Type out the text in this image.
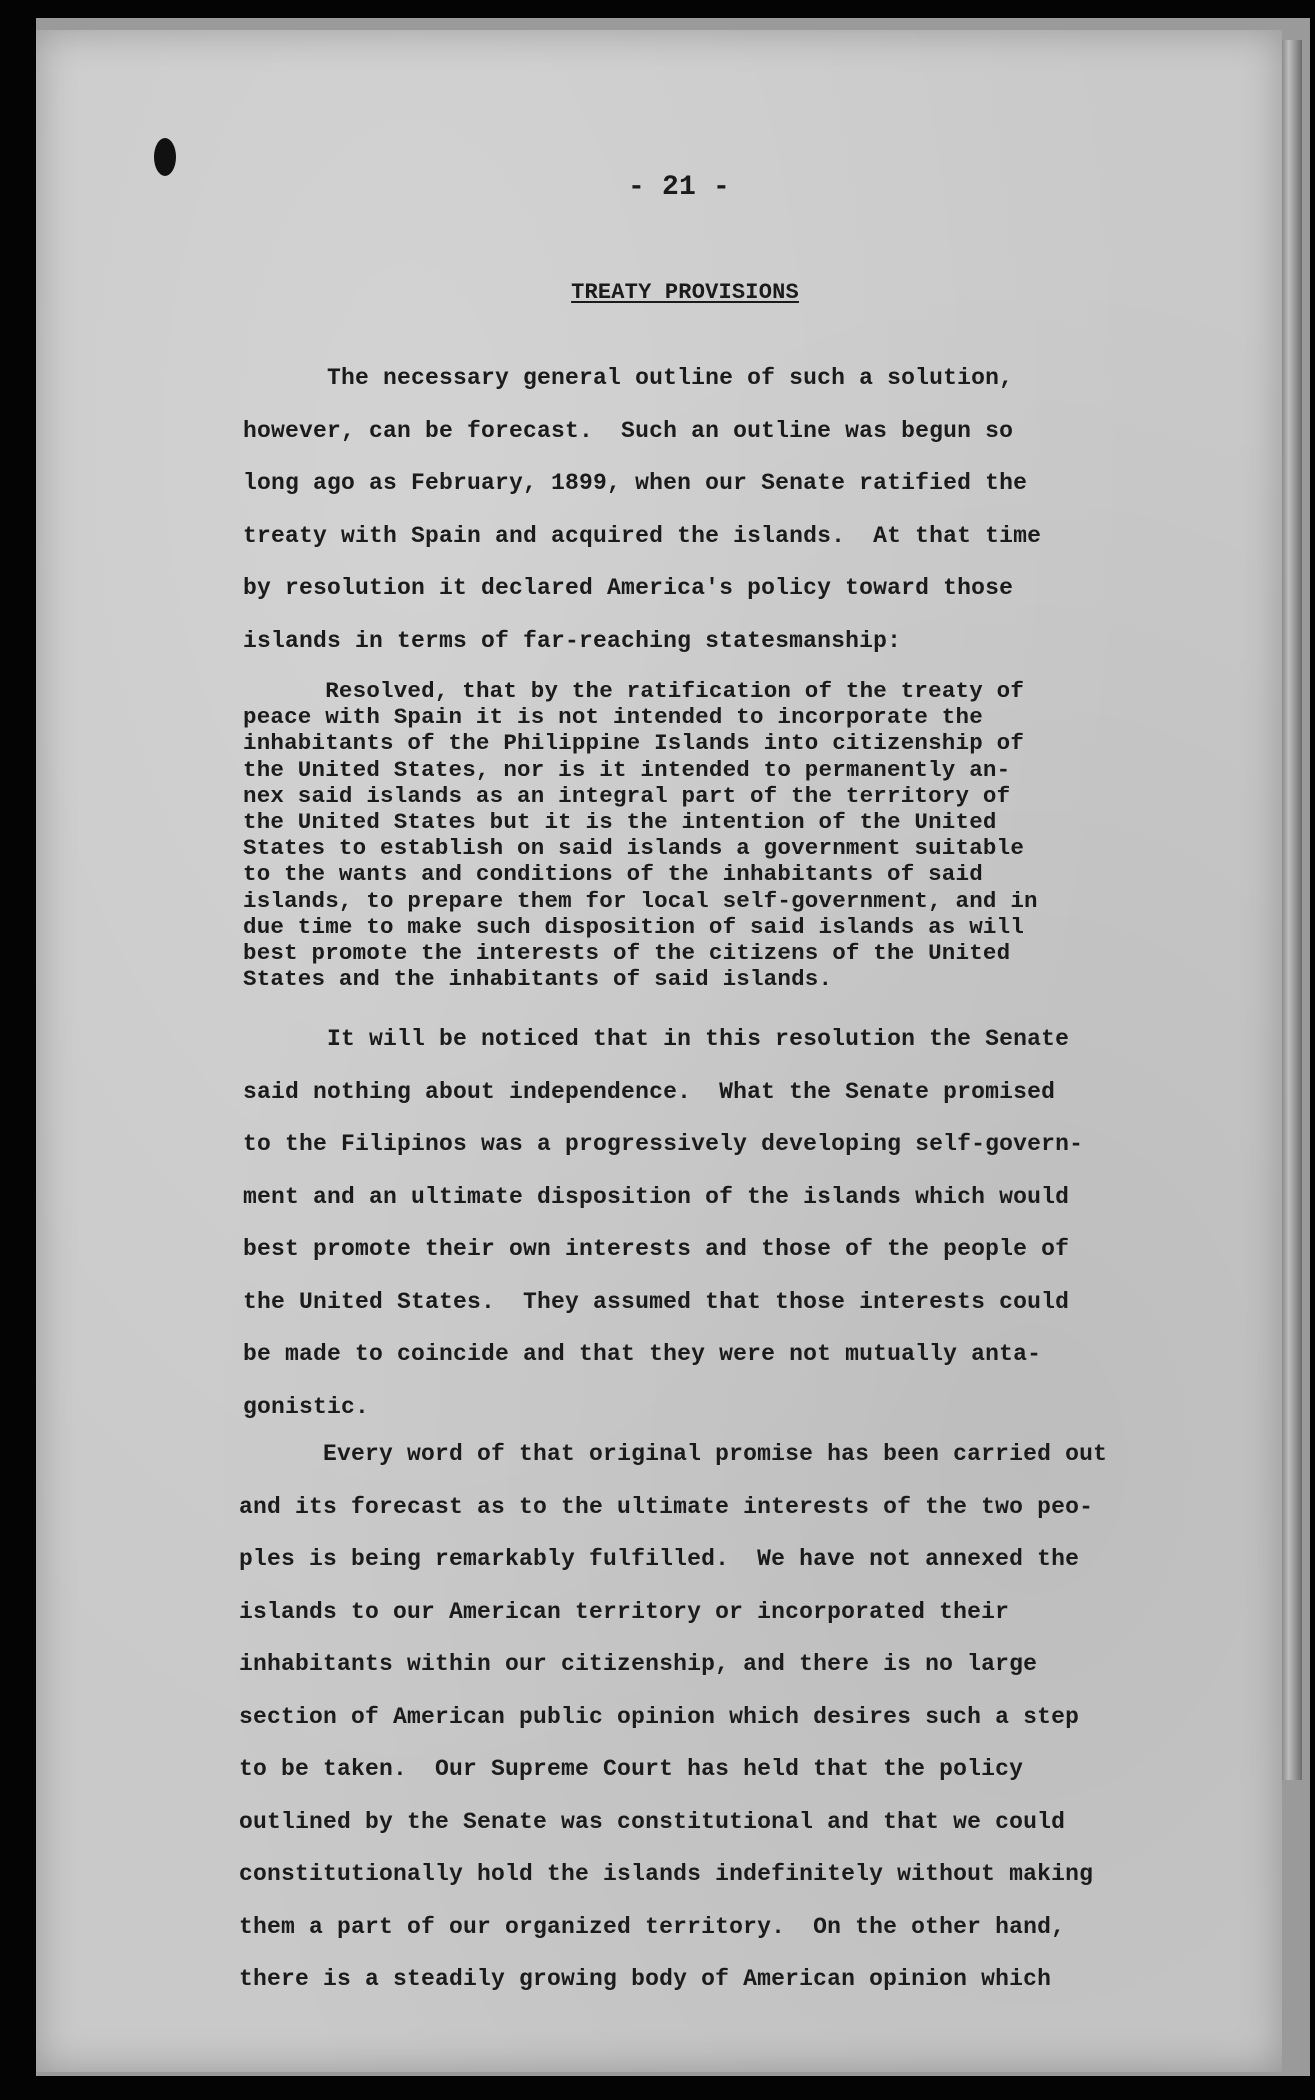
- 21 -
TREATY PROVISIONS

The necessary general outline of such a solution,
however, can be forecast.  Such an outline was begun so
long ago as February, 1899, when our Senate ratified the
treaty with Spain and acquired the islands.  At that time
by resolution it declared America's policy toward those
islands in terms of far-reaching statesmanship:

Resolved, that by the ratification of the treaty of
peace with Spain it is not intended to incorporate the
inhabitants of the Philippine Islands into citizenship of
the United States, nor is it intended to permanently an-
nex said islands as an integral part of the territory of
the United States but it is the intention of the United
States to establish on said islands a government suitable
to the wants and conditions of the inhabitants of said
islands, to prepare them for local self-government, and in
due time to make such disposition of said islands as will
best promote the interests of the citizens of the United
States and the inhabitants of said islands.

It will be noticed that in this resolution the Senate
said nothing about independence.  What the Senate promised
to the Filipinos was a progressively developing self-govern-
ment and an ultimate disposition of the islands which would
best promote their own interests and those of the people of
the United States.  They assumed that those interests could
be made to coincide and that they were not mutually anta-
gonistic.

Every word of that original promise has been carried out
and its forecast as to the ultimate interests of the two peo-
ples is being remarkably fulfilled.  We have not annexed the
islands to our American territory or incorporated their
inhabitants within our citizenship, and there is no large
section of American public opinion which desires such a step
to be taken.  Our Supreme Court has held that the policy
outlined by the Senate was constitutional and that we could
constitutionally hold the islands indefinitely without making
them a part of our organized territory.  On the other hand,
there is a steadily growing body of American opinion which
